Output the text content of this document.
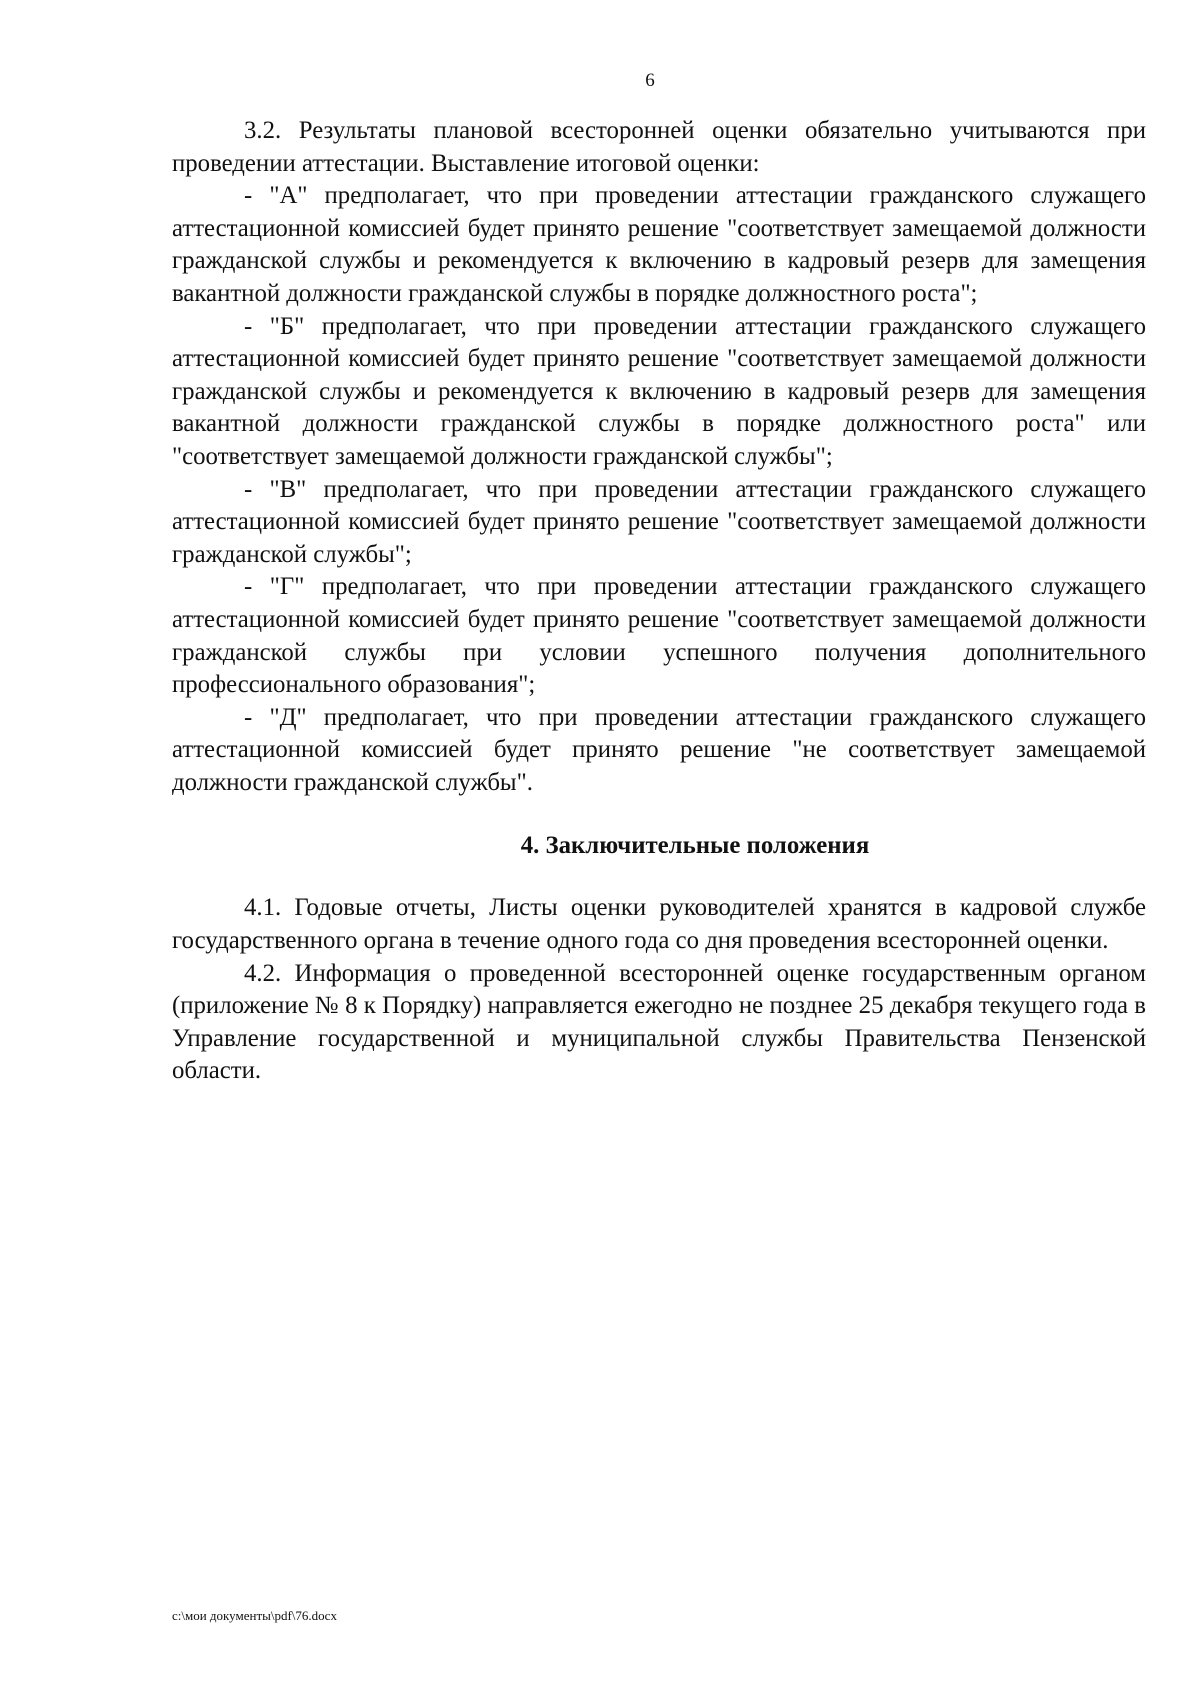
6

3.2. Результаты плановой всесторонней оценки обязательно учитываются при проведении аттестации. Выставление итоговой оценки:

- "А" предполагает, что при проведении аттестации гражданского служащего аттестационной комиссией будет принято решение "соответствует замещаемой должности гражданской службы и рекомендуется к включению в кадровый резерв для замещения вакантной должности гражданской службы в порядке должностного роста";

- "Б" предполагает, что при проведении аттестации гражданского служащего аттестационной комиссией будет принято решение "соответствует замещаемой должности гражданской службы и рекомендуется к включению в кадровый резерв для замещения вакантной должности гражданской службы в порядке должностного роста" или "соответствует замещаемой должности гражданской службы";

- "В" предполагает, что при проведении аттестации гражданского служащего аттестационной комиссией будет принято решение "соответствует замещаемой должности гражданской службы";

- "Г" предполагает, что при проведении аттестации гражданского служащего аттестационной комиссией будет принято решение "соответствует замещаемой должности гражданской службы при условии успешного получения дополнительного профессионального образования";

- "Д" предполагает, что при проведении аттестации гражданского служащего аттестационной комиссией будет принято решение "не соответствует замещаемой должности гражданской службы".

4. Заключительные положения

4.1. Годовые отчеты, Листы оценки руководителей хранятся в кадровой службе государственного органа в течение одного года со дня проведения всесторонней оценки.

4.2. Информация о проведенной всесторонней оценке государственным органом (приложение № 8 к Порядку) направляется ежегодно не позднее 25 декабря текущего года в Управление государственной и муниципальной службы Правительства Пензенской области.

c:\мои документы\pdf\76.docx
